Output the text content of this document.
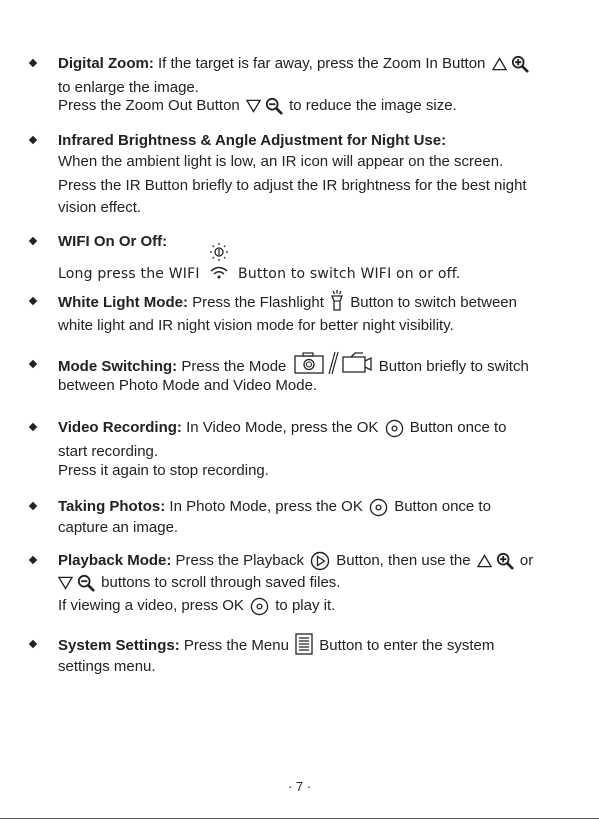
Digital Zoom: If the target is far away, press the Zoom In Button
to enlarge the image.
Press the Zoom Out Button	to reduce the image size.
Infrared Brightness & Angle Adjustment for Night Use:
When the ambient light is low, an IR icon will appear on the screen.
Press the IR Button briefly to adjust the IR brightness for the best night
vision effect.
WIFI On Or Off:
Long press the WIFI	Button to switch WIFI on or off.
White Light Mode: Press the Flashlight Button to switch between
white light and IR night vision mode for better night visibility.
Mode Switching: Press the Mode	Button briefly to switch
between Photo Mode and Video Mode.
Video Recording: In Video Mode, press the OK Button once to
start recording.
Press it again to stop recording.
Taking Photos: In Photo Mode, press the OK Button once to
capture an image.
Playback Mode: Press the Playback Button, then use the	or
buttons to scroll through saved files.
If viewing a video, press OK to play it.
System Settings: Press the Menu Button to enter the system
settings menu.
· 7 ·
